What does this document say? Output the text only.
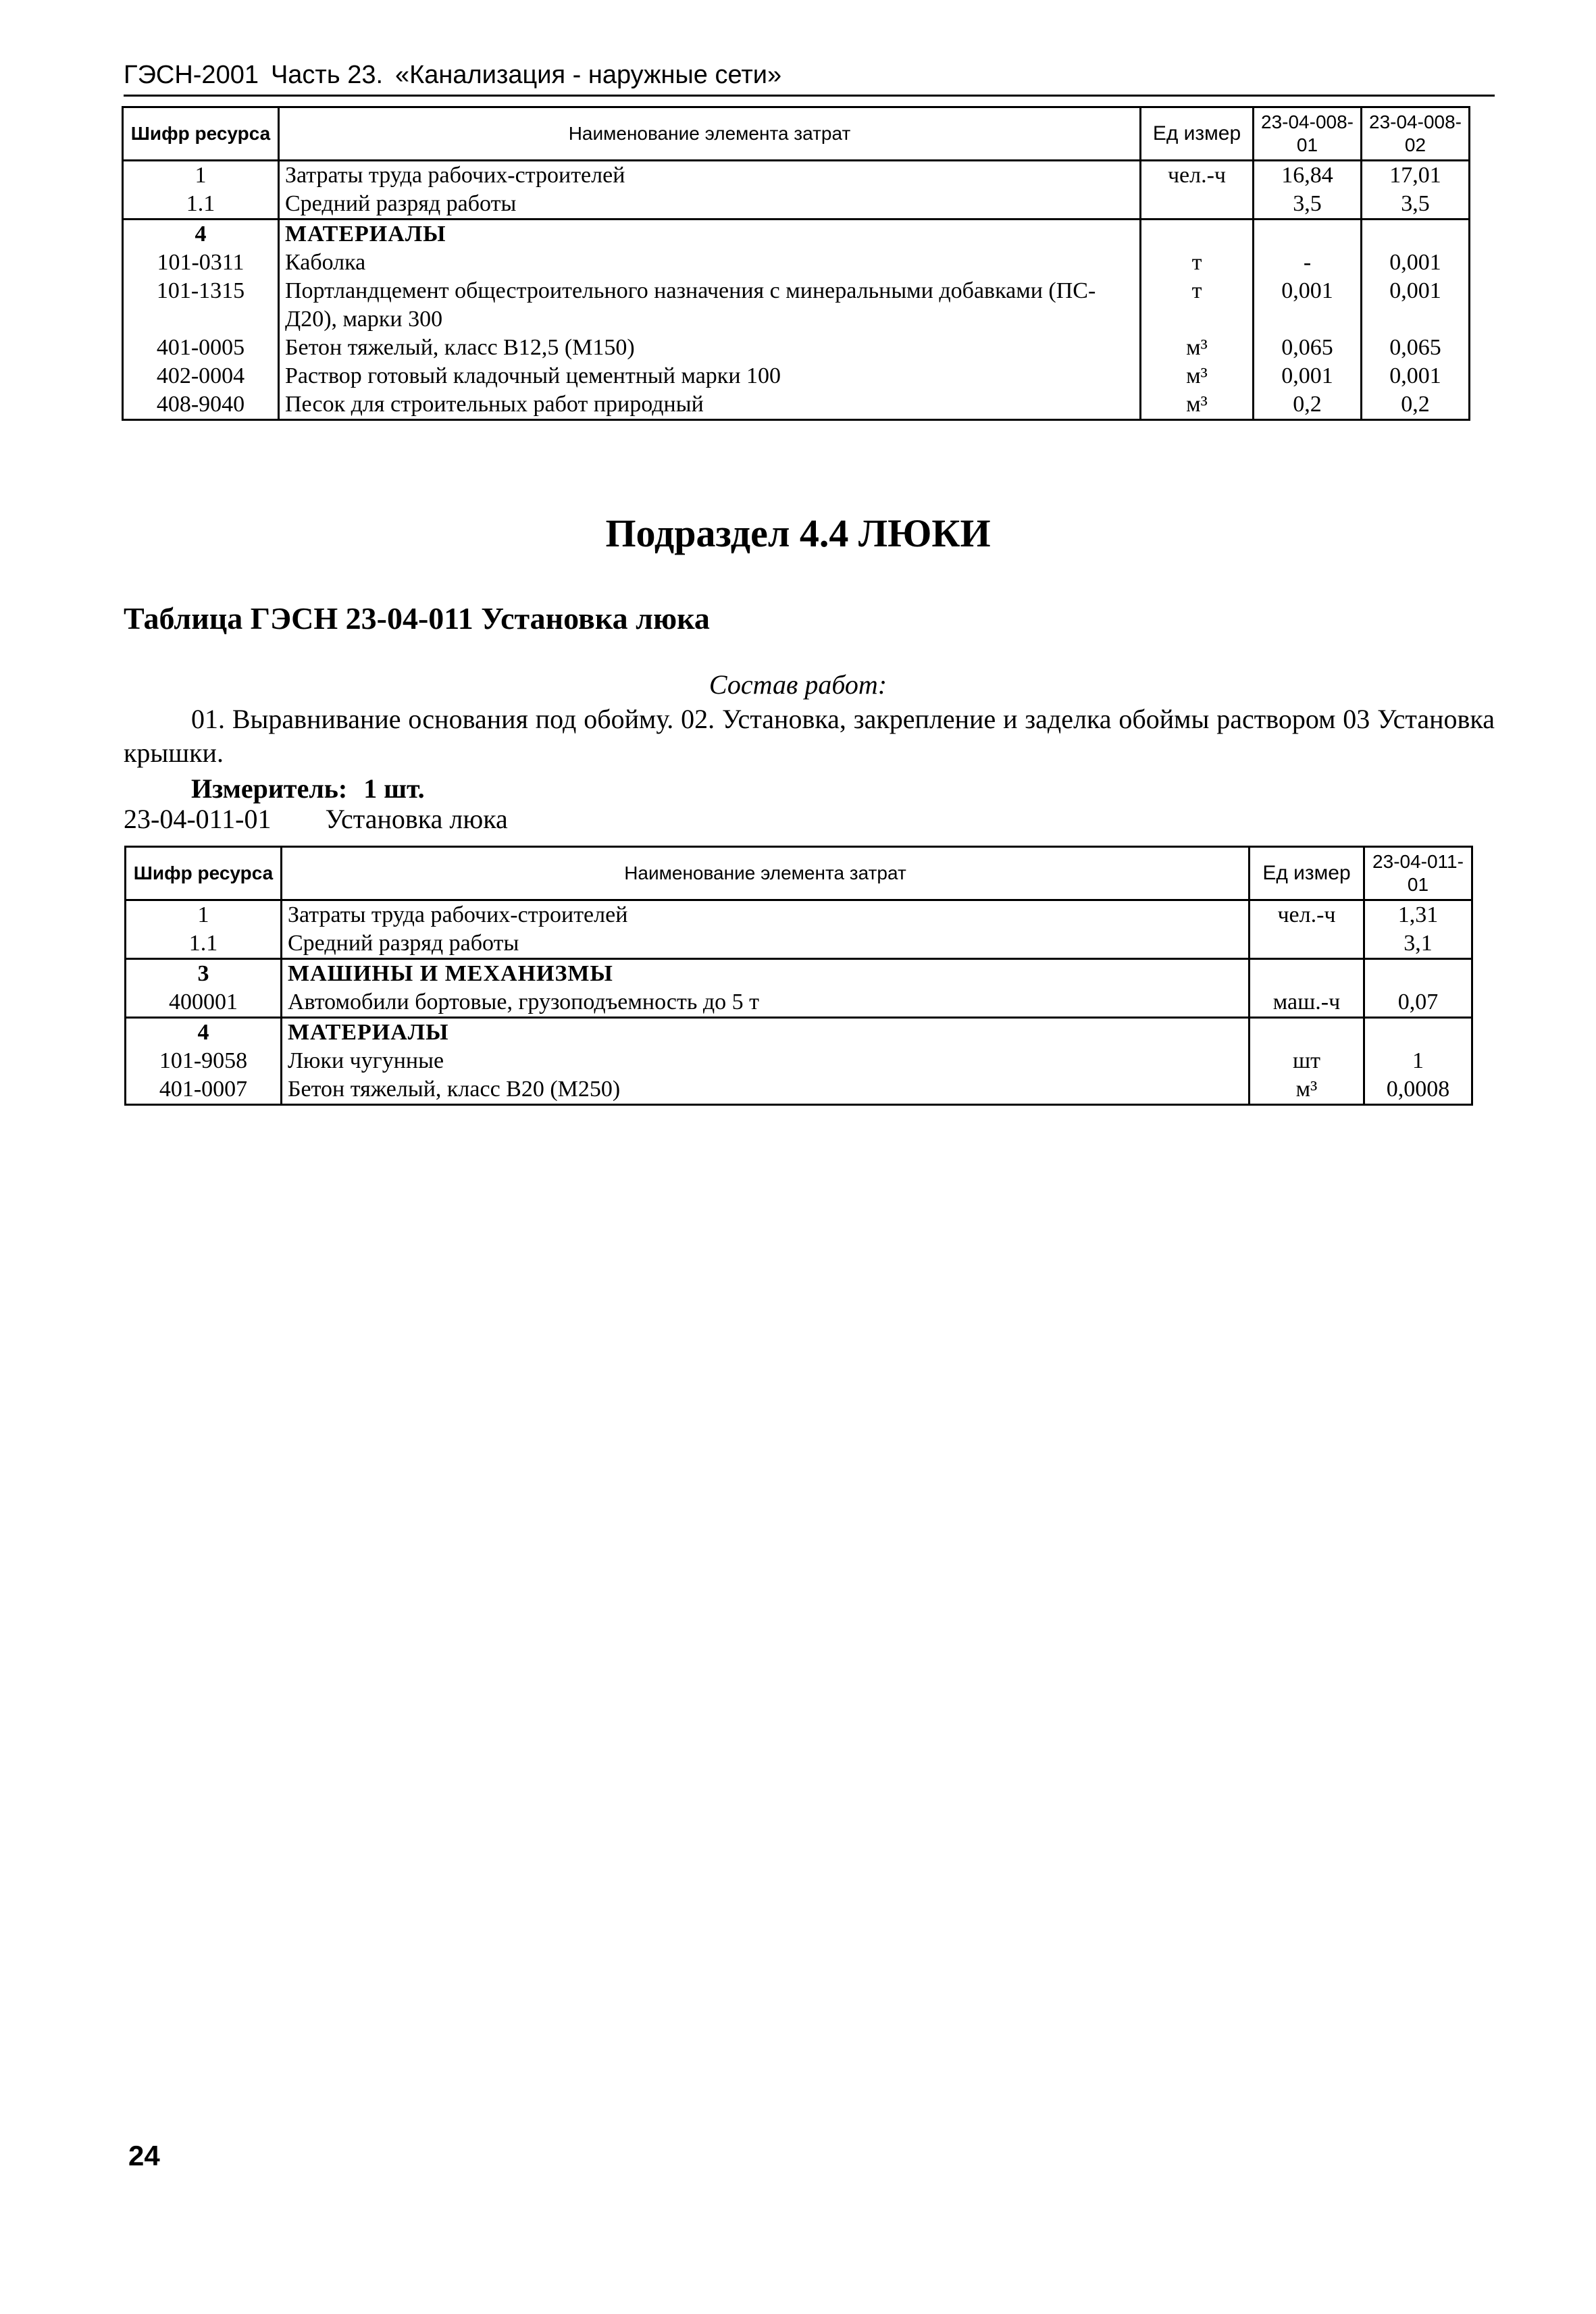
ГЭСН-2001 Часть 23. «Канализация - наружные сети»
Шифр ресурса	Наименование элемента затрат	Ед измер	23-04-008-01	23-04-008-02
1	Затраты труда рабочих-строителей	чел.-ч	16,84	17,01
1.1	Средний разряд работы		3,5	3,5
4	МАТЕРИАЛЫ			
101-0311	Каболка	т	-	0,001
101-1315	Портландцемент общестроительного назначения с минеральными добавками (ПС-Д20), марки 300	т	0,001	0,001
401-0005	Бетон тяжелый, класс B12,5 (M150)	м³	0,065	0,065
402-0004	Раствор готовый кладочный цементный марки 100	м³	0,001	0,001
408-9040	Песок для строительных работ природный	м³	0,2	0,2
Подраздел 4.4 ЛЮКИ
Таблица ГЭСН 23-04-011 Установка люка
Состав работ:
01. Выравнивание основания под обойму. 02. Установка, закрепление и заделка обоймы раствором 03 Установка крышки.
Измеритель: 1 шт.
23-04-011-01 Установка люка
Шифр ресурса	Наименование элемента затрат	Ед измер	23-04-011-01
1	Затраты труда рабочих-строителей	чел.-ч	1,31
1.1	Средний разряд работы		3,1
3	МАШИНЫ И МЕХАНИЗМЫ		
400001	Автомобили бортовые, грузоподъемность до 5 т	маш.-ч	0,07
4	МАТЕРИАЛЫ		
101-9058	Люки чугунные	шт	1
401-0007	Бетон тяжелый, класс B20 (M250)	м³	0,0008
24
